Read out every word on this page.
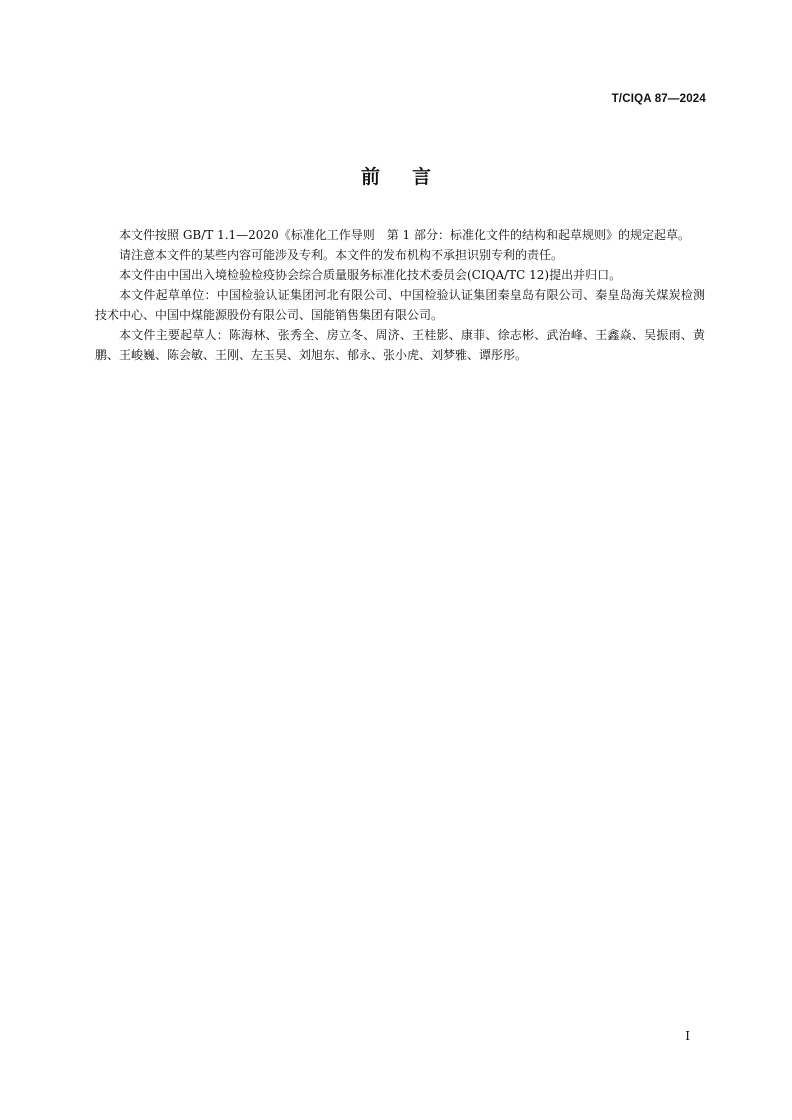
T/CIQA 87—2024
前言

本文件按照 GB/T 1.1—2020《标准化工作导则　第 1 部分：标准化文件的结构和起草规则》的规定起草。

请注意本文件的某些内容可能涉及专利。本文件的发布机构不承担识别专利的责任。

本文件由中国出入境检验检疫协会综合质量服务标准化技术委员会(CIQA/TC 12)提出并归口。

本文件起草单位：中国检验认证集团河北有限公司、中国检验认证集团秦皇岛有限公司、秦皇岛海关煤炭检测技术中心、中国中煤能源股份有限公司、国能销售集团有限公司。

本文件主要起草人：陈海林、张秀全、房立冬、周济、王桂影、康菲、徐志彬、武治峰、王鑫焱、吴振雨、黄鹏、王峻巍、陈会敏、王刚、左玉昊、刘旭东、郁永、张小虎、刘梦雅、谭彤彤。

I
